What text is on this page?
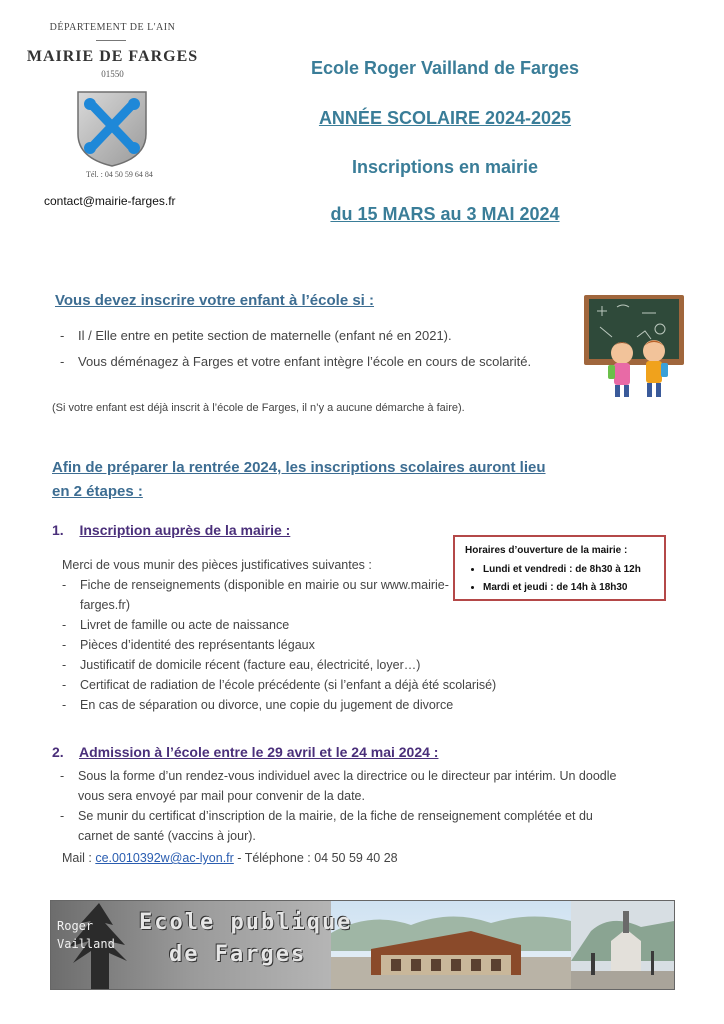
DÉPARTEMENT DE L'AIN
MAIRIE DE FARGES
01550
Tél. : 04 50 59 64 84
contact@mairie-farges.fr
Ecole Roger Vailland de Farges
ANNÉE SCOLAIRE 2024-2025
Inscriptions en mairie
du 15 MARS au 3 MAI 2024
Vous devez inscrire votre enfant à l’école si :
- Il / Elle entre en petite section de maternelle (enfant né en 2021).
- Vous déménagez à Farges et votre enfant intègre l’école en cours de scolarité.
(Si votre enfant est déjà inscrit à l’école de Farges, il n’y a aucune démarche à faire).
Afin de préparer la rentrée 2024, les inscriptions scolaires auront lieu
en 2 étapes :
1. Inscription auprès de la mairie :
Merci de vous munir des pièces justificatives suivantes :
- Fiche de renseignements (disponible en mairie ou sur www.mairie-farges.fr)
- Livret de famille ou acte de naissance
- Pièces d’identité des représentants légaux
- Justificatif de domicile récent (facture eau, électricité, loyer…)
- Certificat de radiation de l’école précédente (si l’enfant a déjà été scolarisé)
- En cas de séparation ou divorce, une copie du jugement de divorce
Horaires d’ouverture de la mairie :
• Lundi et vendredi : de 8h30 à 12h
• Mardi et jeudi : de 14h à 18h30
2. Admission à l’école entre le 29 avril et le 24 mai 2024 :
- Sous la forme d’un rendez-vous individuel avec la directrice ou le directeur par intérim. Un doodle vous sera envoyé par mail pour convenir de la date.
- Se munir du certificat d’inscription de la mairie, de la fiche de renseignement complétée et du carnet de santé (vaccins à jour).
Mail : ce.0010392w@ac-lyon.fr - Téléphone : 04 50 59 40 28
Roger
Vailland
Ecole publique
de Farges
